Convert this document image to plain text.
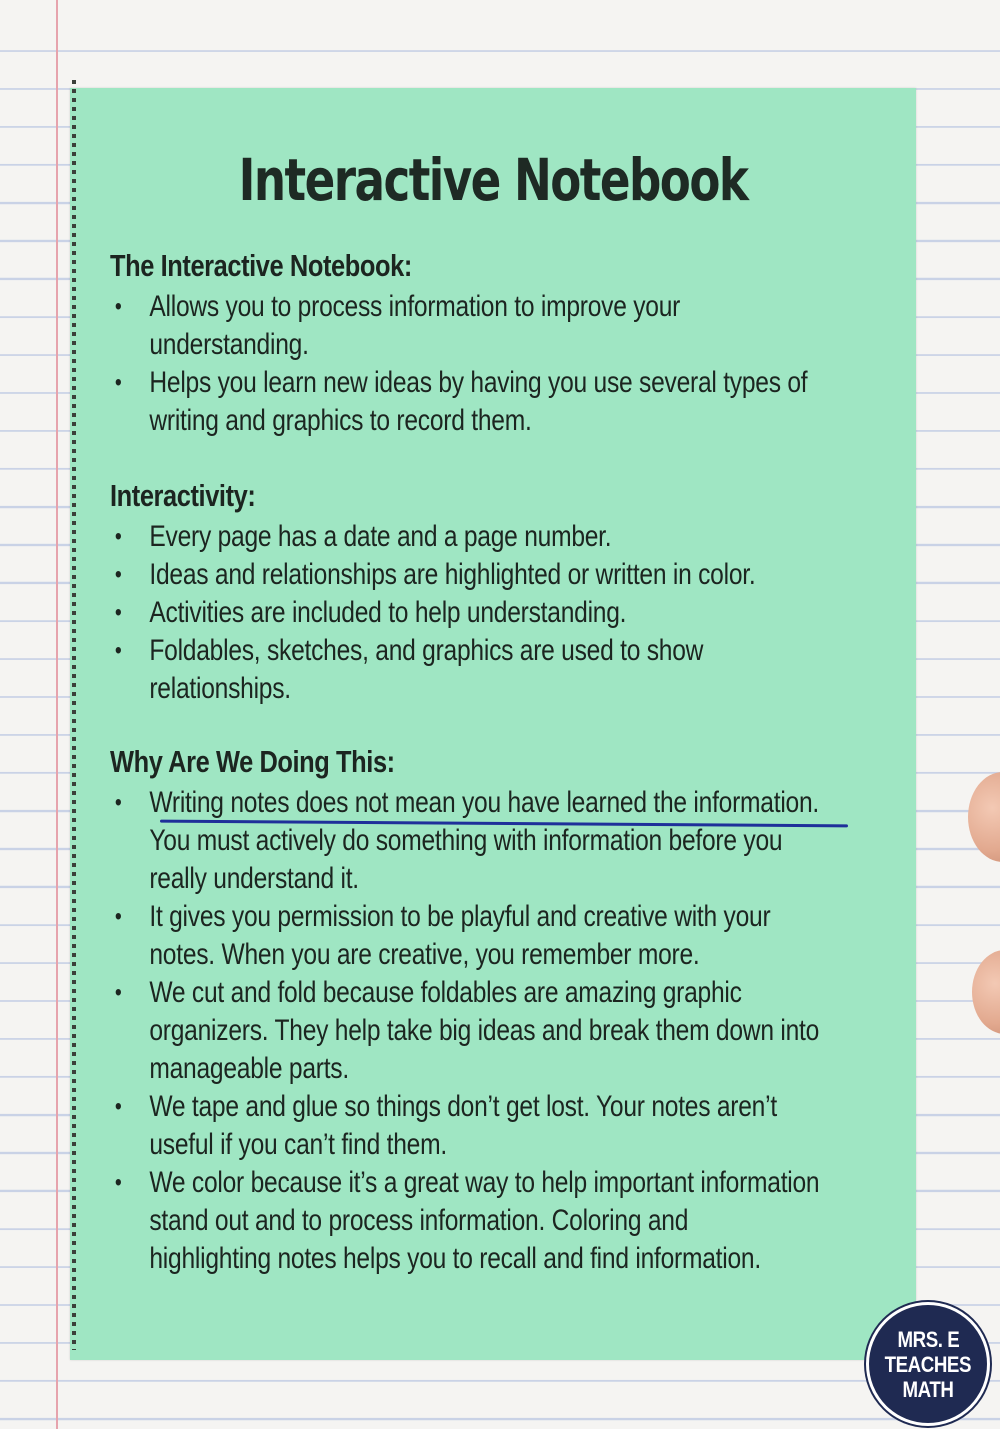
Interactive Notebook
The Interactive Notebook:
• Allows you to process information to improve your
understanding.
• Helps you learn new ideas by having you use several types of
writing and graphics to record them.
Interactivity:
• Every page has a date and a page number.
• Ideas and relationships are highlighted or written in color.
• Activities are included to help understanding.
• Foldables, sketches, and graphics are used to show
relationships.
Why Are We Doing This:
• Writing notes does not mean you have learned the information.
You must actively do something with information before you
really understand it.
• It gives you permission to be playful and creative with your
notes. When you are creative, you remember more.
• We cut and fold because foldables are amazing graphic
organizers. They help take big ideas and break them down into
manageable parts.
• We tape and glue so things don’t get lost. Your notes aren’t
useful if you can’t find them.
• We color because it’s a great way to help important information
stand out and to process information. Coloring and
highlighting notes helps you to recall and find information.
MRS. E
TEACHES
MATH
